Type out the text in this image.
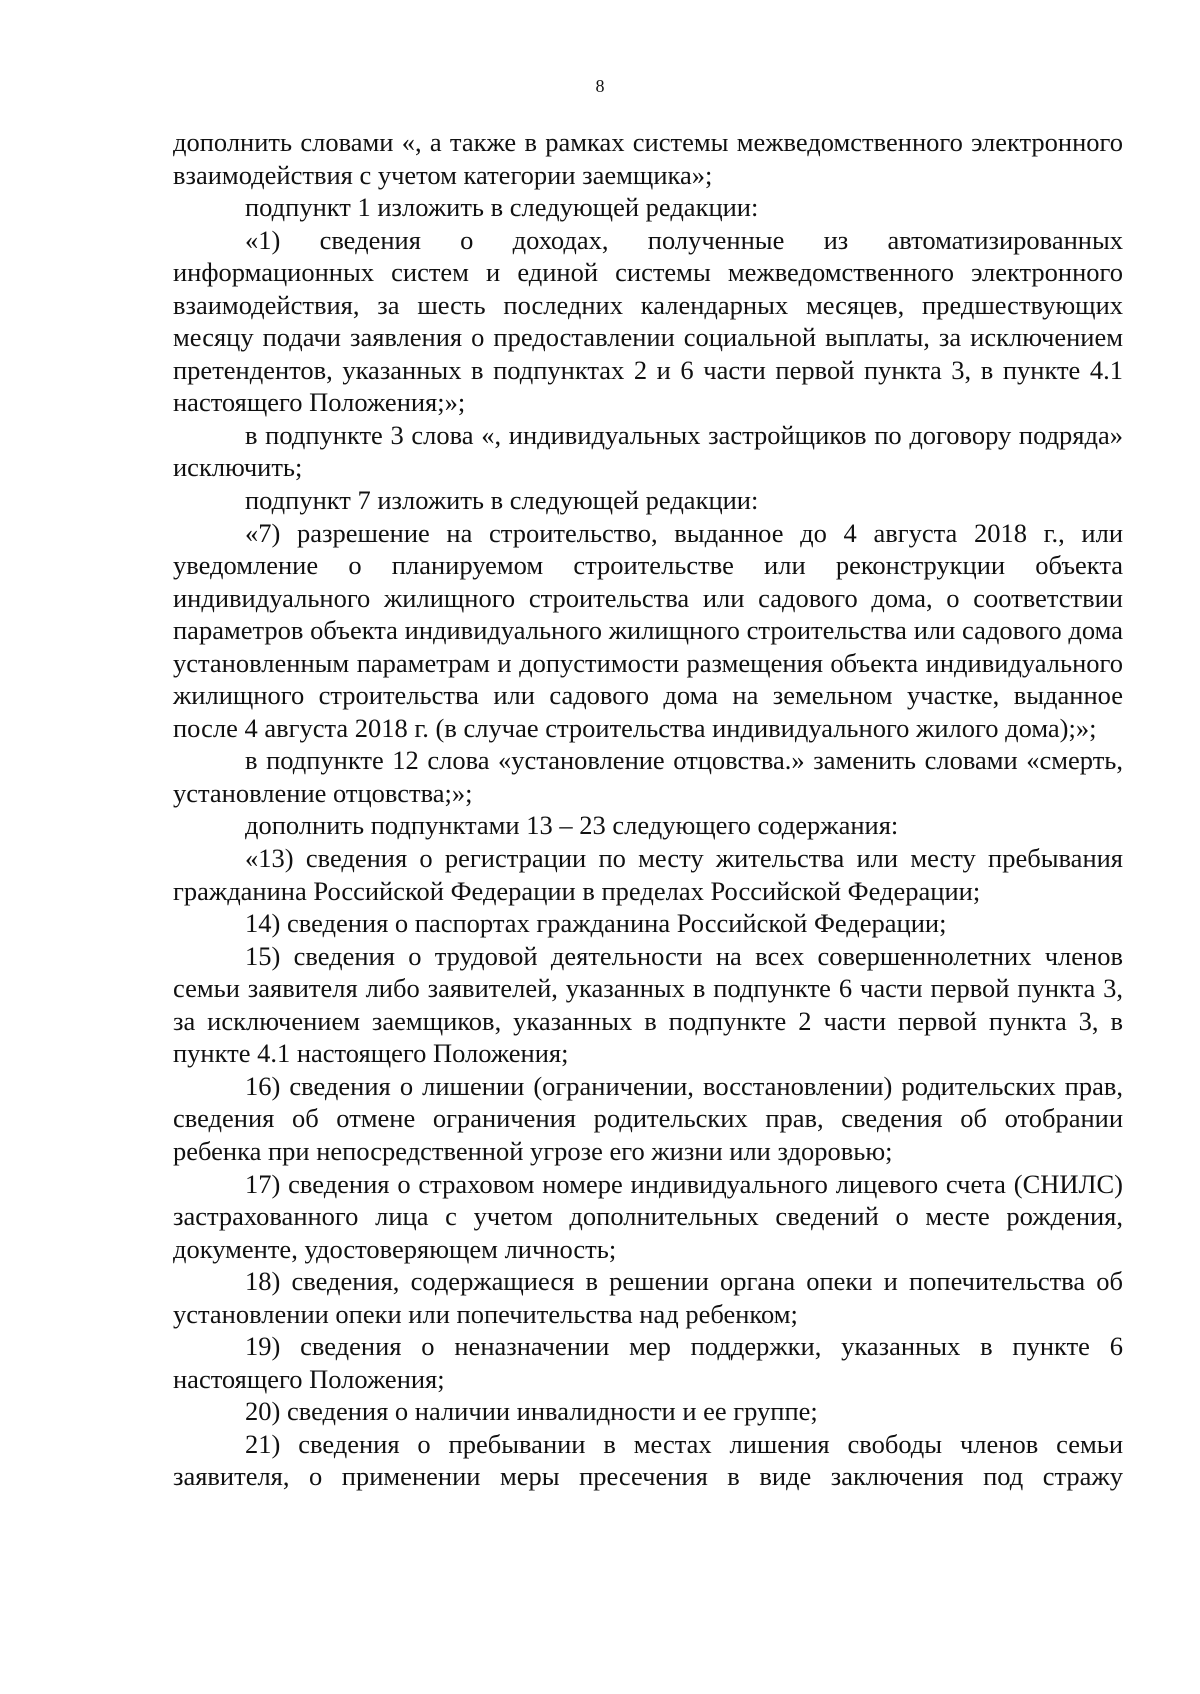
8

дополнить словами «, а также в рамках системы межведомственного электронного взаимодействия с учетом категории заемщика»;

подпункт 1 изложить в следующей редакции:

«1) сведения о доходах, полученные из автоматизированных информационных систем и единой системы межведомственного электронного взаимодействия, за шесть последних календарных месяцев, предшествующих месяцу подачи заявления о предоставлении социальной выплаты, за исключением претендентов, указанных в подпунктах 2 и 6 части первой пункта 3, в пункте 4.1 настоящего Положения;»;

в подпункте 3 слова «, индивидуальных застройщиков по договору подряда» исключить;

подпункт 7 изложить в следующей редакции:

«7) разрешение на строительство, выданное до 4 августа 2018 г., или уведомление о планируемом строительстве или реконструкции объекта индивидуального жилищного строительства или садового дома, о соответствии параметров объекта индивидуального жилищного строительства или садового дома установленным параметрам и допустимости размещения объекта индивидуального жилищного строительства или садового дома на земельном участке, выданное после 4 августа 2018 г. (в случае строительства индивидуального жилого дома);»;

в подпункте 12 слова «установление отцовства.» заменить словами «смерть, установление отцовства;»;

дополнить подпунктами 13 – 23 следующего содержания:

«13) сведения о регистрации по месту жительства или месту пребывания гражданина Российской Федерации в пределах Российской Федерации;

14) сведения о паспортах гражданина Российской Федерации;

15) сведения о трудовой деятельности на всех совершеннолетних членов семьи заявителя либо заявителей, указанных в подпункте 6 части первой пункта 3, за исключением заемщиков, указанных в подпункте 2 части первой пункта 3, в пункте 4.1 настоящего Положения;

16) сведения о лишении (ограничении, восстановлении) родительских прав, сведения об отмене ограничения родительских прав, сведения об отобрании ребенка при непосредственной угрозе его жизни или здоровью;

17) сведения о страховом номере индивидуального лицевого счета (СНИЛС) застрахованного лица с учетом дополнительных сведений о месте рождения, документе, удостоверяющем личность;

18) сведения, содержащиеся в решении органа опеки и попечительства об установлении опеки или попечительства над ребенком;

19) сведения о неназначении мер поддержки, указанных в пункте 6 настоящего Положения;

20) сведения о наличии инвалидности и ее группе;

21) сведения о пребывании в местах лишения свободы членов семьи заявителя, о применении меры пресечения в виде заключения под стражу
